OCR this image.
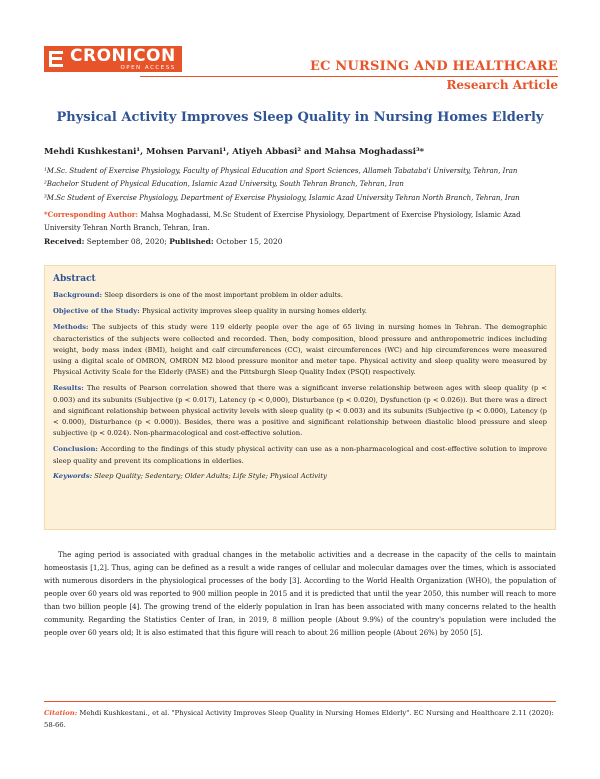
CRONICON
OPEN ACCESS	EC NURSING AND HEALTHCARE
Research Article
Physical Activity Improves Sleep Quality in Nursing Homes Elderly
Mehdi Kushkestani¹, Mohsen Parvani¹, Atiyeh Abbasi² and Mahsa Moghadassi³*
¹M.Sc. Student of Exercise Physiology, Faculty of Physical Education and Sport Sciences, Allameh Tabataba'i University, Tehran, Iran
²Bachelor Student of Physical Education, Islamic Azad University, South Tehran Branch, Tehran, Iran
³M.Sc Student of Exercise Physiology, Department of Exercise Physiology, Islamic Azad University Tehran North Branch, Tehran, Iran
*Corresponding Author: Mahsa Moghadassi, M.Sc Student of Exercise Physiology, Department of Exercise Physiology, Islamic Azad University Tehran North Branch, Tehran, Iran.
Received: September 08, 2020; Published: October 15, 2020
Abstract

Background: Sleep disorders is one of the most important problem in older adults.

Objective of the Study: Physical activity improves sleep quality in nursing homes elderly.

Methods: The subjects of this study were 119 elderly people over the age of 65 living in nursing homes in Tehran. The demographic characteristics of the subjects were collected and recorded. Then, body composition, blood pressure and anthropometric indices including weight, body mass index (BMI), height and calf circumferences (CC), waist circumferences (WC) and hip circumferences were measured using a digital scale of OMRON, OMRON M2 blood pressure monitor and meter tape. Physical activity and sleep quality were measured by Physical Activity Scale for the Elderly (PASE) and the Pittsburgh Sleep Quality Index (PSQI) respectively.

Results: The results of Pearson correlation showed that there was a significant inverse relationship between ages with sleep quality (p < 0.003) and its subunits (Subjective (p < 0.017), Latency (p < 0,000), Disturbance (p < 0.020), Dysfunction (p < 0.026)). But there was a direct and significant relationship between physical activity levels with sleep quality (p < 0.003) and its subunits (Subjective (p < 0.000), Latency (p < 0.000), Disturbance (p < 0.000)). Besides, there was a positive and significant relationship between diastolic blood pressure and sleep subjective (p < 0.024). Non-pharmacological and cost-effective solution.

Conclusion: According to the findings of this study physical activity can use as a non-pharmacological and cost-effective solution to improve sleep quality and prevent its complications in elderlies.

Keywords: Sleep Quality; Sedentary; Older Adults; Life Style; Physical Activity

The aging period is associated with gradual changes in the metabolic activities and a decrease in the capacity of the cells to maintain homeostasis [1,2]. Thus, aging can be defined as a result a wide ranges of cellular and molecular damages over the times, which is associated with numerous disorders in the physiological processes of the body [3]. According to the World Health Organization (WHO), the population of people over 60 years old was reported to 900 million people in 2015 and it is predicted that until the year 2050, this number will reach to more than two billion people [4]. The growing trend of the elderly population in Iran has been associated with many concerns related to the health community. Regarding the Statistics Center of Iran, in 2019, 8 million people (About 9.9%) of the country's population were included the people over 60 years old; It is also estimated that this figure will reach to about 26 million people (About 26%) by 2050 [5].

Citation: Mehdi Kushkestani., et al. "Physical Activity Improves Sleep Quality in Nursing Homes Elderly". EC Nursing and Healthcare 2.11 (2020): 58-66.
